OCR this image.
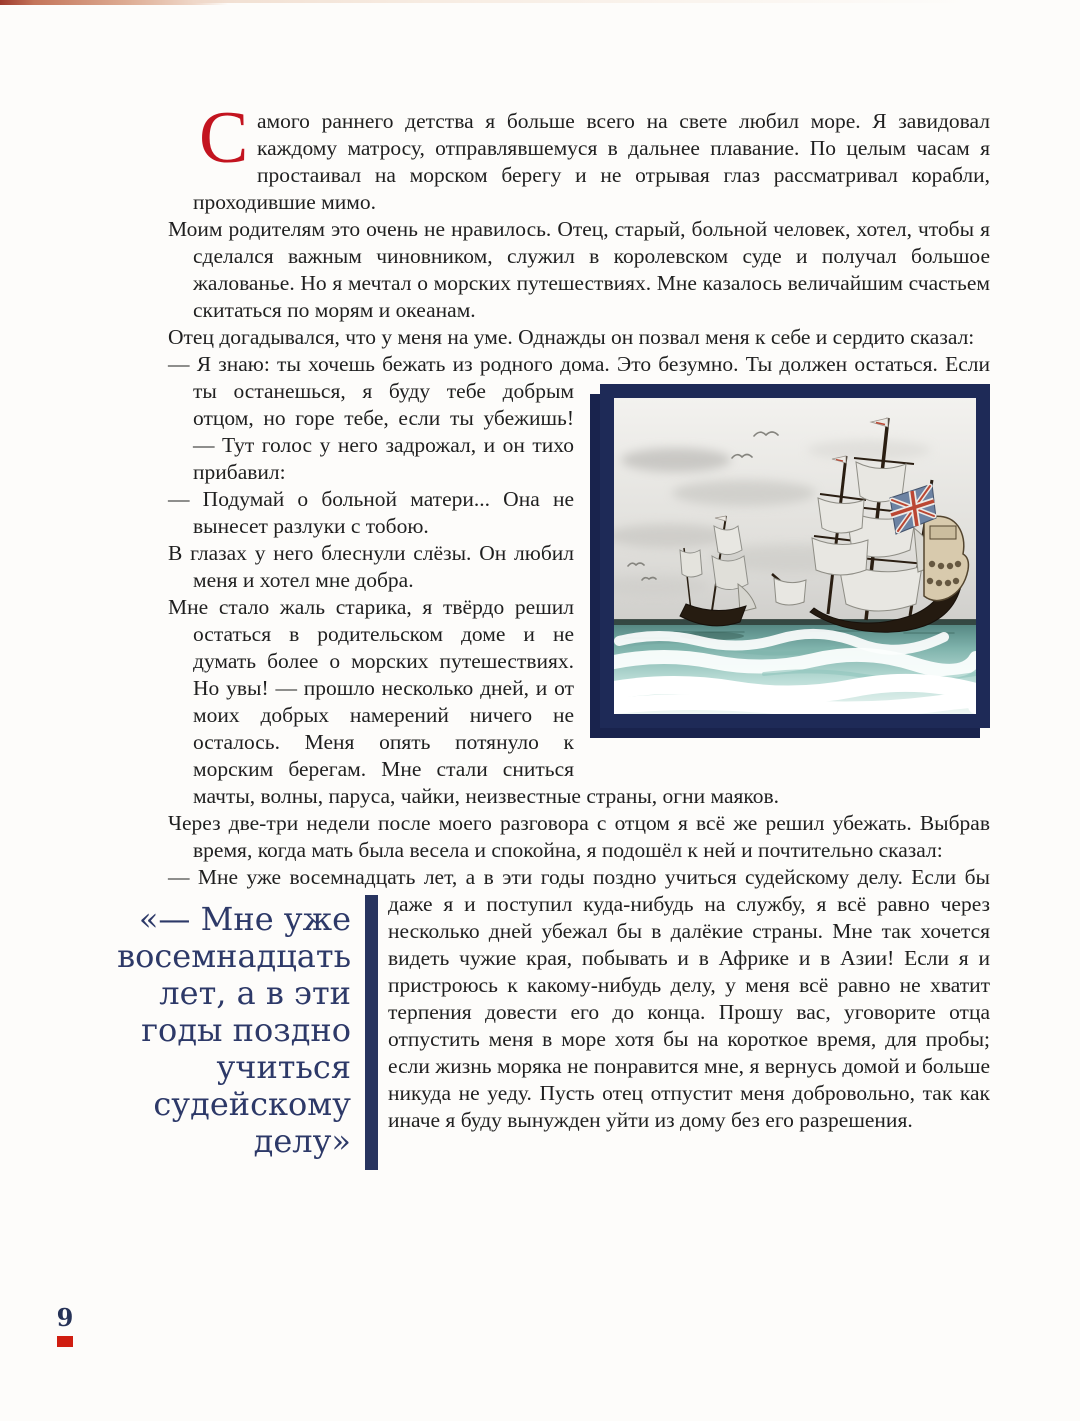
Самого раннего детства я больше всего на свете любил море. Я завидовал каждому матросу, отправлявшемуся в дальнее плавание. По целым часам я простаивал на морском берегу и не отрывая глаз рассматривал корабли, проходившие мимо.

Моим родителям это очень не нравилось. Отец, старый, больной человек, хотел, чтобы я сделался важным чиновником, служил в королевском суде и получал большое жалованье. Но я мечтал о морских путешествиях. Мне казалось величайшим счастьем скитаться по морям и океанам.

Отец догадывался, что у меня на уме. Однажды он позвал меня к себе и сердито сказал:

— Я знаю: ты хочешь бежать из родного дома. Это безумно. Ты должен остаться.
Если ты останешься, я буду тебе добрым отцом, но горе тебе, если ты убежишь! — Тут голос у него задрожал, и он тихо прибавил:

— Подумай о больной матери... Она не вынесет разлуки с тобою.

В глазах у него блеснули слёзы. Он любил меня и хотел мне добра.

Мне стало жаль старика, я твёрдо решил остаться в родительском доме и не думать более о морских путешествиях. Но увы! — прошло несколько дней, и от моих добрых намерений ничего не осталось. Меня опять потянуло к морским берегам. Мне стали сниться мачты, волны, паруса, чайки, неизвестные страны, огни маяков.

Через две-три недели после моего разговора с отцом я всё же решил убежать. Выбрав время, когда мать была весела и спокойна, я подошёл к ней и почтительно сказал:

— Мне уже восемнадцать лет, а в эти годы поздно учиться судейскому делу. Если
«— Мне уже
восемнадцать
лет, а в эти
годы поздно
учиться
судейскому
делу»
бы даже я и поступил куда-нибудь на службу, я всё равно через несколько дней убежал бы в далёкие страны. Мне так хочется видеть чужие края, побывать и в Африке и в Азии! Если я и пристроюсь к какому-нибудь делу, у меня всё равно не хватит терпения довести его до конца. Прошу вас, уговорите отца отпустить меня в море хотя бы на короткое время, для пробы; если жизнь моряка не понравится мне, я вернусь домой и больше никуда не уеду. Пусть отец отпустит меня добровольно, так как иначе я буду вынужден уйти из дому без его разрешения.

9
